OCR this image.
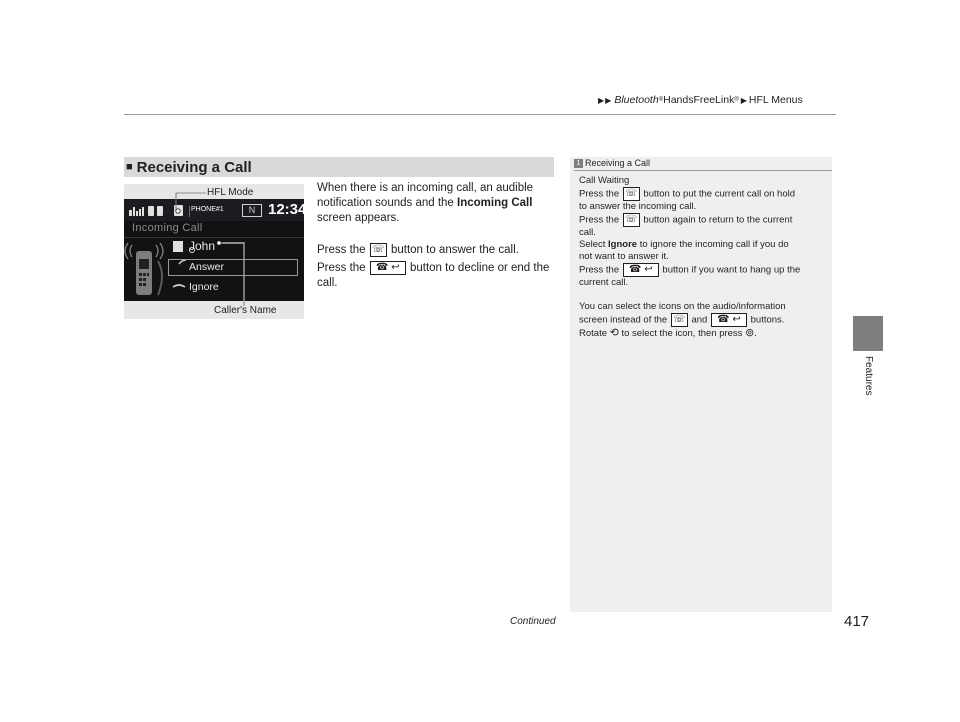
▶ ▶ Bluetooth ® HandsFreeLink ® ▶ HFL Menus
Features
■ Receiving a Call
HFL Mode
PHONE#1	N 12:34
Incoming Call
John
Answer
Ignore
Caller's Name
When there is an incoming call, an audible
notification sounds and the Incoming Call
screen appears.
Press the ☏ button to answer the call.
Press the ☎ ↩ button to decline or end the
call.
1 Receiving a Call
Call Waiting
Press the ☏ button to put the current call on hold
to answer the incoming call.
Press the ☏ button again to return to the current
call.
Select Ignore to ignore the incoming call if you do
not want to answer it.
Press the ☎ ↩ button if you want to hang up the
current call.
You can select the icons on the audio/information
screen instead of the ☏ and ☎ ↩ buttons.
Rotate ⟲ to select the icon, then press ⊚.
Continued	417
